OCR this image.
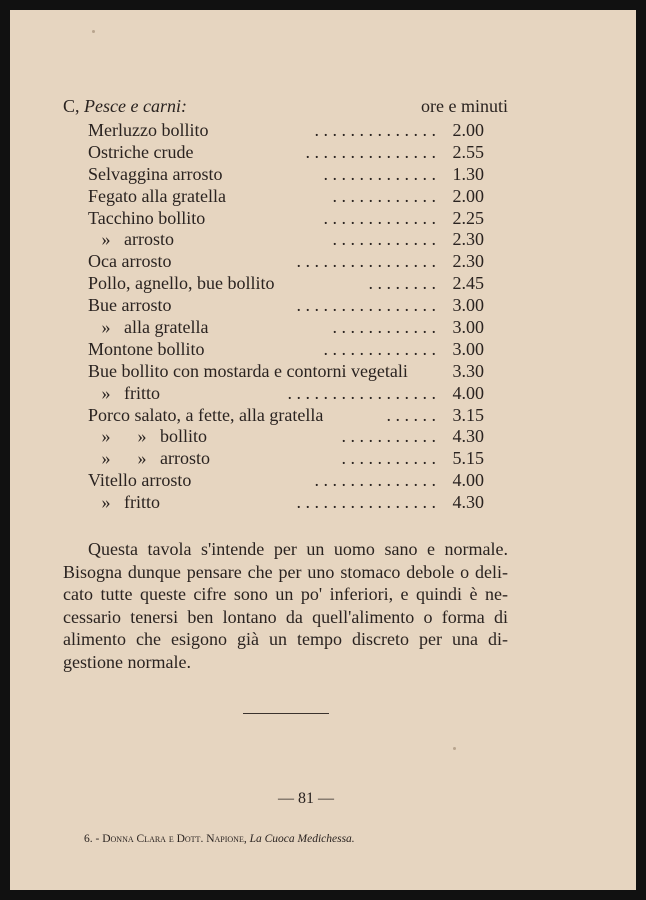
C, Pesce e carni:	ore e minuti
Merluzzo bollito	. . . . . . . . . . . . . . 2.00
Ostriche crude	. . . . . . . . . . . . . . . 2.55
Selvaggina arrosto	. . . . . . . . . . . . . 1.30
Fegato alla gratella	. . . . . . . . . . . . 2.00
Tacchino bollito	. . . . . . . . . . . . . 2.25
» arrosto	. . . . . . . . . . . . 2.30
Oca arrosto	. . . . . . . . . . . . . . . . 2.30
Pollo, agnello, bue bollito	. . . . . . . . 2.45
Bue arrosto	. . . . . . . . . . . . . . . . 3.00
» alla gratella	. . . . . . . . . . . . 3.00
Montone bollito	. . . . . . . . . . . . . 3.00
Bue bollito con mostarda e contorni vegetali	3.30
» fritto	. . . . . . . . . . . . . . . . . 4.00
Porco salato, a fette, alla gratella	. . . . . . 3.15
» » bollito	. . . . . . . . . . . 4.30
» » arrosto	. . . . . . . . . . . 5.15
Vitello arrosto	. . . . . . . . . . . . . . 4.00
» fritto	. . . . . . . . . . . . . . . . 4.30
Questa tavola s'intende per un uomo sano e normale.
Bisogna dunque pensare che per uno stomaco debole o deli-
cato tutte queste cifre sono un po' inferiori, e quindi è ne-
cessario tenersi ben lontano da quell'alimento o forma di
alimento che esigono già un tempo discreto per una di-
gestione normale.
— 81 —
6. - Donna Clara e Dott. Napione, La Cuoca Medichessa.
